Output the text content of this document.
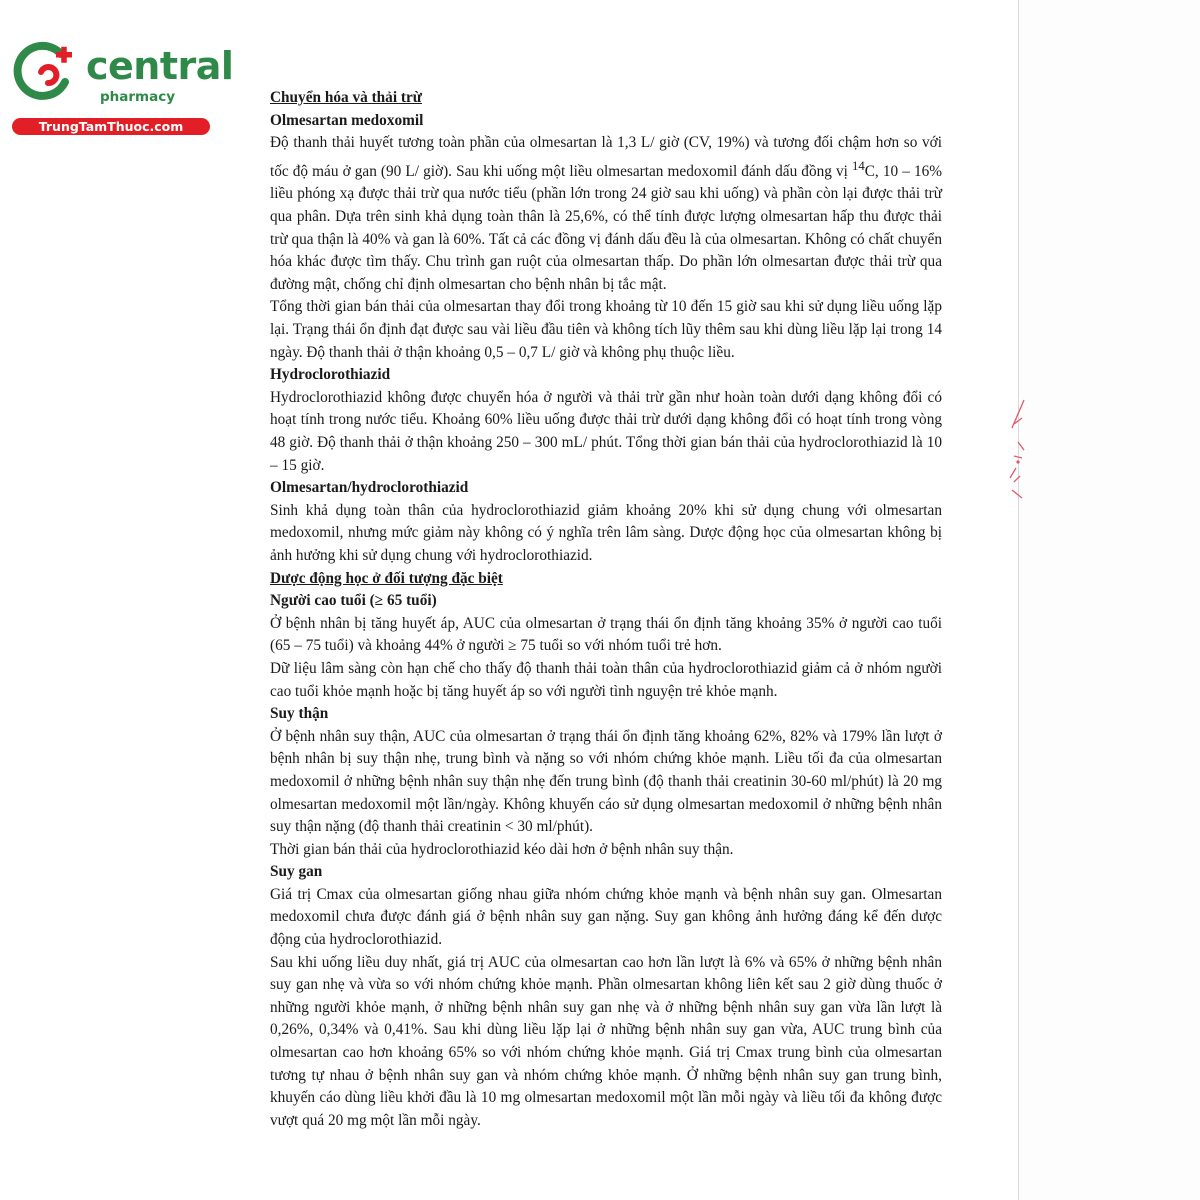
central
pharmacy
TrungTamThuoc.com
Chuyển hóa và thải trừ
Olmesartan medoxomil

Độ thanh thải huyết tương toàn phần của olmesartan là 1,3 L/ giờ (CV, 19%) và tương đối chậm hơn so với tốc độ máu ở gan (90 L/ giờ). Sau khi uống một liều olmesartan medoxomil đánh dấu đồng vị $^{14}$C, 10 – 16% liều phóng xạ được thải trừ qua nước tiểu (phần lớn trong 24 giờ sau khi uống) và phần còn lại được thải trừ qua phân. Dựa trên sinh khả dụng toàn thân là 25,6%, có thể tính được lượng olmesartan hấp thu được thải trừ qua thận là 40% và gan là 60%. Tất cả các đồng vị đánh dấu đều là của olmesartan. Không có chất chuyển hóa khác được tìm thấy. Chu trình gan ruột của olmesartan thấp. Do phần lớn olmesartan được thải trừ qua đường mật, chống chỉ định olmesartan cho bệnh nhân bị tắc mật.

Tổng thời gian bán thải của olmesartan thay đổi trong khoảng từ 10 đến 15 giờ sau khi sử dụng liều uống lặp lại. Trạng thái ổn định đạt được sau vài liều đầu tiên và không tích lũy thêm sau khi dùng liều lặp lại trong 14 ngày. Độ thanh thải ở thận khoảng 0,5 – 0,7 L/ giờ và không phụ thuộc liều.

Hydroclorothiazid

Hydroclorothiazid không được chuyển hóa ở người và thải trừ gần như hoàn toàn dưới dạng không đổi có hoạt tính trong nước tiểu. Khoảng 60% liều uống được thải trừ dưới dạng không đổi có hoạt tính trong vòng 48 giờ. Độ thanh thải ở thận khoảng 250 – 300 mL/ phút. Tổng thời gian bán thải của hydroclorothiazid là 10 – 15 giờ.

Olmesartan/hydroclorothiazid

Sinh khả dụng toàn thân của hydroclorothiazid giảm khoảng 20% khi sử dụng chung với olmesartan medoxomil, nhưng mức giảm này không có ý nghĩa trên lâm sàng. Dược động học của olmesartan không bị ảnh hưởng khi sử dụng chung với hydroclorothiazid.

Dược động học ở đối tượng đặc biệt
Người cao tuổi (≥ 65 tuổi)

Ở bệnh nhân bị tăng huyết áp, AUC của olmesartan ở trạng thái ổn định tăng khoảng 35% ở người cao tuổi (65 – 75 tuổi) và khoảng 44% ở người ≥ 75 tuổi so với nhóm tuổi trẻ hơn.

Dữ liệu lâm sàng còn hạn chế cho thấy độ thanh thải toàn thân của hydroclorothiazid giảm cả ở nhóm người cao tuổi khỏe mạnh hoặc bị tăng huyết áp so với người tình nguyện trẻ khỏe mạnh.

Suy thận

Ở bệnh nhân suy thận, AUC của olmesartan ở trạng thái ổn định tăng khoảng 62%, 82% và 179% lần lượt ở bệnh nhân bị suy thận nhẹ, trung bình và nặng so với nhóm chứng khỏe mạnh. Liều tối đa của olmesartan medoxomil ở những bệnh nhân suy thận nhẹ đến trung bình (độ thanh thải creatinin 30-60 ml/phút) là 20 mg olmesartan medoxomil một lần/ngày. Không khuyến cáo sử dụng olmesartan medoxomil ở những bệnh nhân suy thận nặng (độ thanh thải creatinin < 30 ml/phút).

Thời gian bán thải của hydroclorothiazid kéo dài hơn ở bệnh nhân suy thận.

Suy gan

Giá trị Cmax của olmesartan giống nhau giữa nhóm chứng khỏe mạnh và bệnh nhân suy gan. Olmesartan medoxomil chưa được đánh giá ở bệnh nhân suy gan nặng. Suy gan không ảnh hưởng đáng kể đến dược động của hydroclorothiazid.

Sau khi uống liều duy nhất, giá trị AUC của olmesartan cao hơn lần lượt là 6% và 65% ở những bệnh nhân suy gan nhẹ và vừa so với nhóm chứng khỏe mạnh. Phần olmesartan không liên kết sau 2 giờ dùng thuốc ở những người khỏe mạnh, ở những bệnh nhân suy gan nhẹ và ở những bệnh nhân suy gan vừa lần lượt là 0,26%, 0,34% và 0,41%. Sau khi dùng liều lặp lại ở những bệnh nhân suy gan vừa, AUC trung bình của olmesartan cao hơn khoảng 65% so với nhóm chứng khỏe mạnh. Giá trị Cmax trung bình của olmesartan tương tự nhau ở bệnh nhân suy gan và nhóm chứng khỏe mạnh. Ở những bệnh nhân suy gan trung bình, khuyến cáo dùng liều khởi đầu là 10 mg olmesartan medoxomil một lần mỗi ngày và liều tối đa không được vượt quá 20 mg một lần mỗi ngày.
